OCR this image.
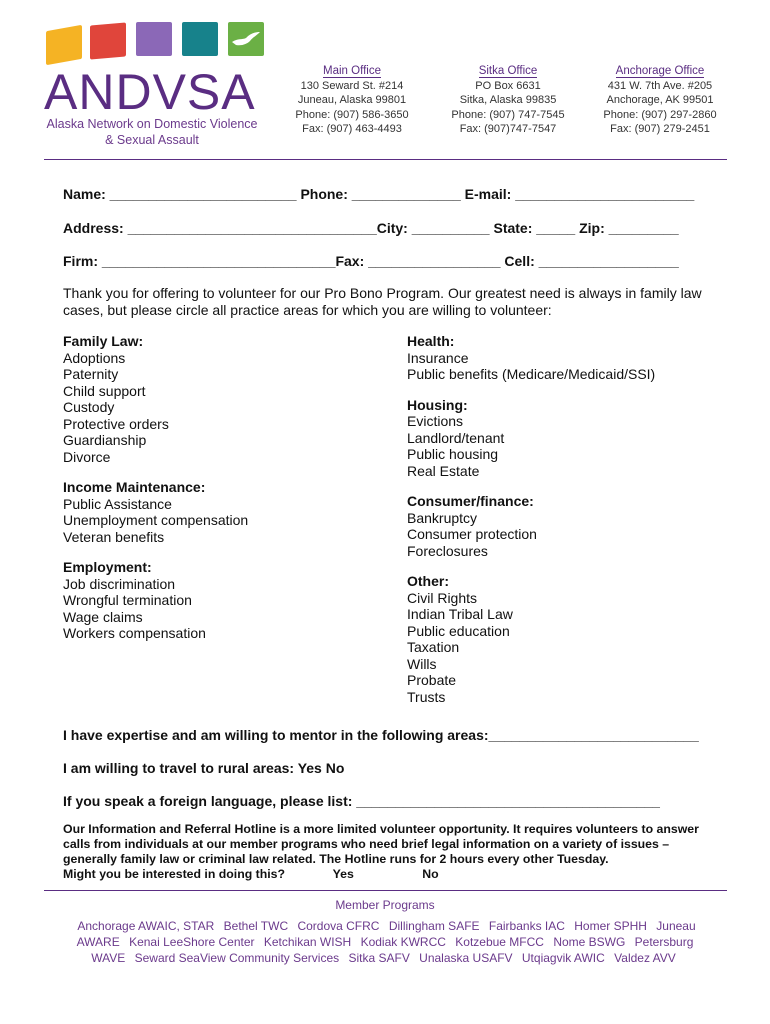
ANDVSA
Alaska Network on Domestic Violence
& Sexual Assault
Main Office
130 Seward St. #214
Juneau, Alaska 99801
Phone: (907) 586-3650
Fax: (907) 463-4493
Sitka Office
PO Box 6631
Sitka, Alaska 99835
Phone: (907) 747-7545
Fax: (907)747-7547
Anchorage Office
431 W. 7th Ave. #205
Anchorage, AK 99501
Phone: (907) 297-2860
Fax: (907) 279-2451
Name: ________________________ Phone: ______________ E-mail: _______________________
Address: ________________________________City: __________ State: _____ Zip: _________
Firm: ______________________________Fax: _________________ Cell: __________________
Thank you for offering to volunteer for our Pro Bono Program. Our greatest need is always in family law cases, but please circle all practice areas for which you are willing to volunteer:
Family Law:
Adoptions
Paternity
Child support
Custody
Protective orders
Guardianship
Divorce
Income Maintenance:
Public Assistance
Unemployment compensation
Veteran benefits
Employment:
Job discrimination
Wrongful termination
Wage claims
Workers compensation
Health:
Insurance
Public benefits (Medicare/Medicaid/SSI)
Housing:
Evictions
Landlord/tenant
Public housing
Real Estate
Consumer/finance:
Bankruptcy
Consumer protection
Foreclosures
Other:
Civil Rights
Indian Tribal Law
Public education
Taxation
Wills
Probate
Trusts
I have expertise and am willing to mentor in the following areas:___________________________
I am willing to travel to rural areas: Yes No
If you speak a foreign language, please list: _______________________________________
Our Information and Referral Hotline is a more limited volunteer opportunity. It requires volunteers to answer calls from individuals at our member programs who need brief legal information on a variety of issues – generally family law or criminal law related. The Hotline runs for 2 hours every other Tuesday.
Might you be interested in doing this?	Yes	No
Member Programs
Anchorage AWAIC, STAR Bethel TWC Cordova CFRC Dillingham SAFE Fairbanks IAC Homer SPHH Juneau AWARE Kenai LeeShore Center Ketchikan WISH Kodiak KWRCC Kotzebue MFCC Nome BSWG Petersburg WAVE Seward SeaView Community Services Sitka SAFV Unalaska USAFV Utqiagvik AWIC Valdez AVV
